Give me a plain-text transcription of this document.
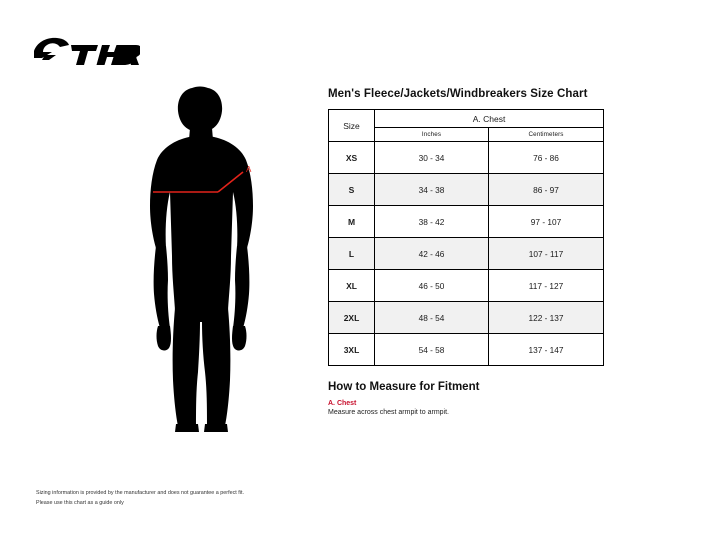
A
Men's Fleece/Jackets/Windbreakers Size Chart
Size	A. Chest	
	Inches	Centimeters
XS	30 - 34	76 - 86
S	34 - 38	86 - 97
M	38 - 42	97 - 107
L	42 - 46	107 - 117
XL	46 - 50	117 - 127
2XL	48 - 54	122 - 137
3XL	54 - 58	137 - 147
How to Measure for Fitment
A. Chest
Measure across chest armpit to armpit.
Sizing information is provided by the manufacturer and does not guarantee a perfect fit.
Please use this chart as a guide only
